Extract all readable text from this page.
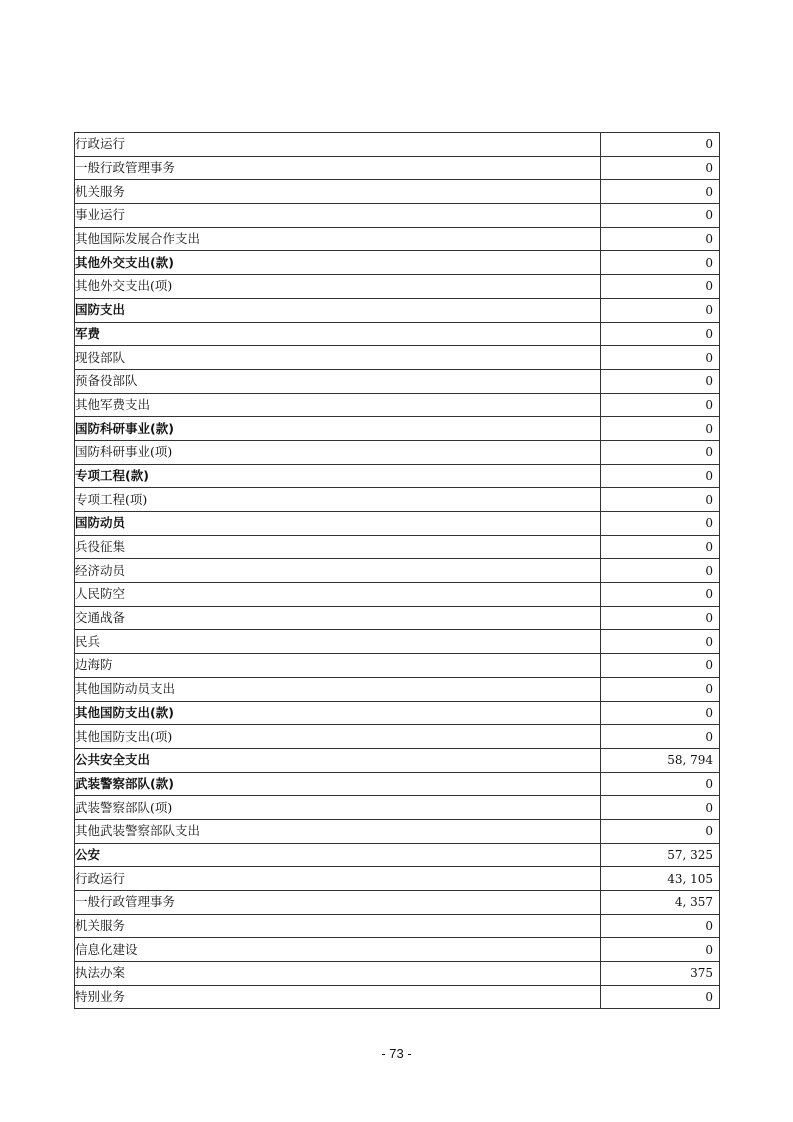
行政运行	0
一般行政管理事务	0
机关服务	0
事业运行	0
其他国际发展合作支出	0
其他外交支出(款)	0
其他外交支出(项)	0
国防支出	0
军费	0
现役部队	0
预备役部队	0
其他军费支出	0
国防科研事业(款)	0
国防科研事业(项)	0
专项工程(款)	0
专项工程(项)	0
国防动员	0
兵役征集	0
经济动员	0
人民防空	0
交通战备	0
民兵	0
边海防	0
其他国防动员支出	0
其他国防支出(款)	0
其他国防支出(项)	0
公共安全支出	58, 794
武装警察部队(款)	0
武装警察部队(项)	0
其他武装警察部队支出	0
公安	57, 325
行政运行	43, 105
一般行政管理事务	4, 357
机关服务	0
信息化建设	0
执法办案	375
特别业务	0
- 73 -
